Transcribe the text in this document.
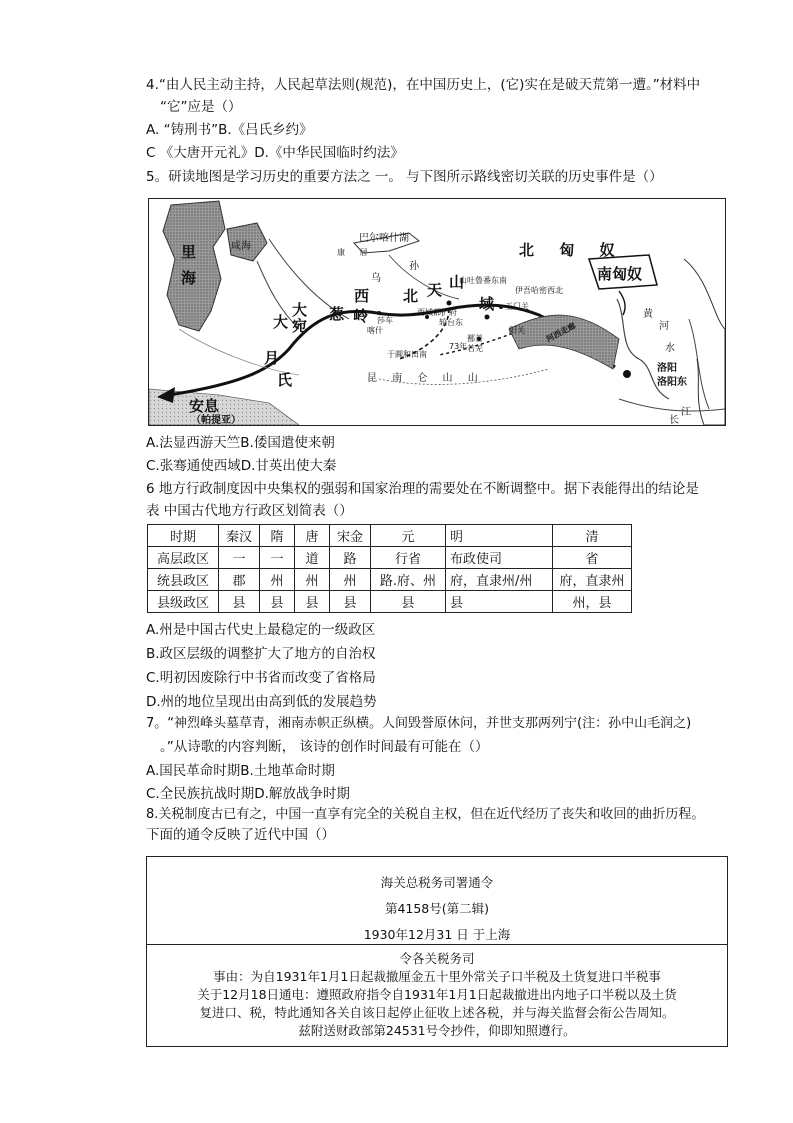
4.“由人民主动主持，人民起草法则(规范)，在中国历史上，(它)实在是破天荒第一遭。”材料中
“它”应是（）
A. “铸刑书”B.《吕氏乡约》
C 《大唐开元礼》D.《中华民国临时约法》
5。研读地图是学习历史的重要方法之 一。 与下图所示路线密切关联的历史事件是（）
里
海
咸海
巴尔喀什湖
北 匈 奴
南匈奴
康 居
乌
孙
大
宛
大
月
氏
西
葱 岭
北 天 山
域
山吐鲁番东南
伊吾哈密西北
玉门关
阳关
莎车
喀什
西域都护府
轮台东
鄯善
若羌
于阗和田南
73年
昆 南 仑 山 山
河西走廊
黄
河
水
洛阳
洛阳东
江
长
安息
（帕提亚）
A.法显西游天竺B.倭国遣使来朝
C.张骞通使西域D.甘英出使大秦
6 地方行政制度因中央集权的强弱和国家治理的需要处在不断调整中。据下表能得出的结论是
表 中国古代地方行政区划简表（）
时期	秦汉	隋	唐	宋金	元	明	清
高层政区	一	一	道	路	行省	布政使司	省
统县政区	郡	州	州	州	路.府、州	府，直隶州/州	府，直隶州
县级政区	县	县	县	县	县	县	州，县
A.州是中国古代史上最稳定的一级政区
B.政区层级的调整扩大了地方的自治权
C.明初因废除行中书省而改变了省格局
D.州的地位呈现出由高到低的发展趋势
7。“神烈峰头墓草青，湘南赤帜正纵横。人间毁誉原休问，并世支那两列宁(注：孙中山毛润之)
。”从诗歌的内容判断， 该诗的创作时间最有可能在（）
A.国民革命时期B.土地革命时期
C.全民族抗战时期D.解放战争时期
8.关税制度古已有之，中国一直享有完全的关税自主权，但在近代经历了丧失和收回的曲折历程。
下面的通令反映了近代中国（）
海关总税务司署通令
第4158号(第二辑)
1930年12月31 日 于上海
令各关税务司
事由：为自1931年1月1日起裁撤厘金五十里外常关子口半税及土货复进口半税事
关于12月18日通电：遵照政府指令自1931年1月1日起裁撤进出内地子口半税以及土货
复进口、税，特此通知各关自该日起停止征收上述各税，并与海关监督会衔公告周知。
兹附送财政部第24531号令抄件，仰即知照遵行。
